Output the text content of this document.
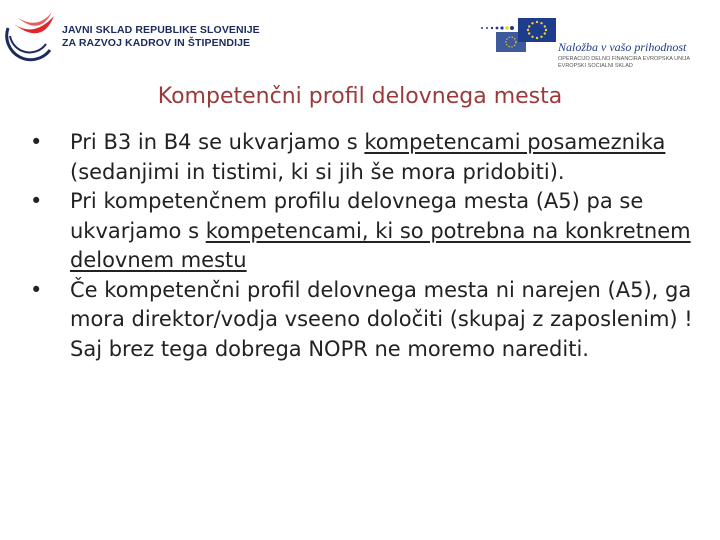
JAVNI SKLAD REPUBLIKE SLOVENIJE
ZA RAZVOJ KADROV IN ŠTIPENDIJE	Naložba v vašo prihodnost
OPERACIJO DELNO FINANCIRA EVROPSKA UNIJA
EVROPSKI SOCIALNI SKLAD
Kompetenčni profil delovnega mesta
• Pri B3 in B4 se ukvarjamo s kompetencami posameznika (sedanjimi in tistimi, ki si jih še mora pridobiti).
• Pri kompetenčnem profilu delovnega mesta (A5) pa se ukvarjamo s kompetencami, ki so potrebna na konkretnem delovnem mestu
• Če kompetenčni profil delovnega mesta ni narejen (A5), ga mora direktor/vodja vseeno določiti (skupaj z zaposlenim) ! Saj brez tega dobrega NOPR ne moremo narediti.
